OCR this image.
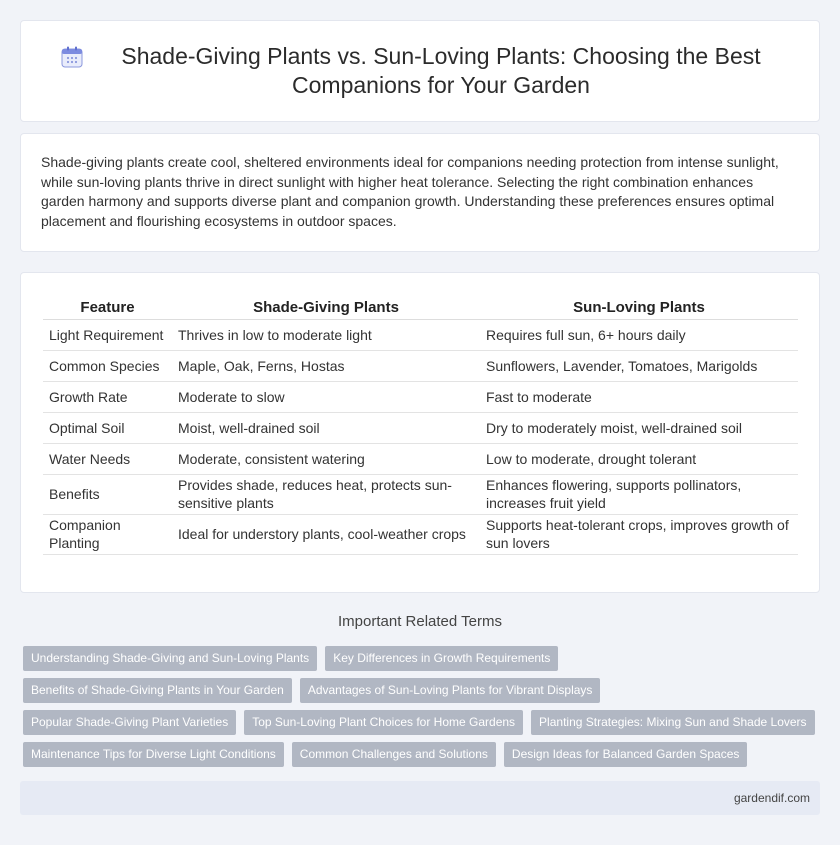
Shade-Giving Plants vs. Sun-Loving Plants: Choosing the Best Companions for Your Garden

Shade-giving plants create cool, sheltered environments ideal for companions needing protection from intense sunlight, while sun-loving plants thrive in direct sunlight with higher heat tolerance. Selecting the right combination enhances garden harmony and supports diverse plant and companion growth. Understanding these preferences ensures optimal placement and flourishing ecosystems in outdoor spaces.

Feature	Shade-Giving Plants	Sun-Loving Plants
Light Requirement	Thrives in low to moderate light	Requires full sun, 6+ hours daily
Common Species	Maple, Oak, Ferns, Hostas	Sunflowers, Lavender, Tomatoes, Marigolds
Growth Rate	Moderate to slow	Fast to moderate
Optimal Soil	Moist, well-drained soil	Dry to moderately moist, well-drained soil
Water Needs	Moderate, consistent watering	Low to moderate, drought tolerant
Benefits	Provides shade, reduces heat, protects sun-sensitive plants	Enhances flowering, supports pollinators, increases fruit yield
Companion Planting	Ideal for understory plants, cool-weather crops	Supports heat-tolerant crops, improves growth of sun lovers
Important Related Terms
Understanding Shade-Giving and Sun-Loving Plants	Key Differences in Growth Requirements
Benefits of Shade-Giving Plants in Your Garden	Advantages of Sun-Loving Plants for Vibrant Displays
Popular Shade-Giving Plant Varieties	Top Sun-Loving Plant Choices for Home Gardens	Planting Strategies: Mixing Sun and Shade Lovers
Maintenance Tips for Diverse Light Conditions	Common Challenges and Solutions	Design Ideas for Balanced Garden Spaces
gardendif.com
